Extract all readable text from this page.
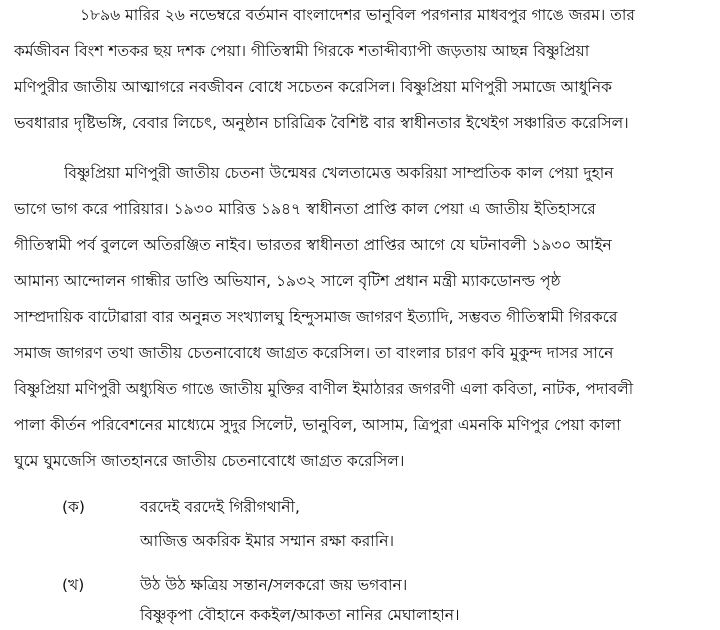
১৮৯৬ মারির ২৬ নভেম্বরে বর্তমান বাংলাদেশর ভানুবিল পরগনার মাধবপুর গাঙে জরম। তার
কর্মজীবন বিংশ শতকর ছয় দশক পেয়া। গীতিস্বামী গিরকে শতাব্দীব্যাপী জড়তায় আছন্ন বিষ্ণুপ্রিয়া
মণিপুরীর জাতীয় আত্মাগরে নবজীবন বোধে সচেতন করেসিল। বিষ্ণুপ্রিয়া মণিপুরী সমাজে আধুনিক
ভবধারার দৃষ্টিভঙ্গি, বেবার লিচেৎ, অনুষ্ঠান চারিত্রিক বৈশিষ্ট বার স্বাধীনতার ইথেইগ সঞ্চারিত করেসিল।
বিষ্ণুপ্রিয়া মণিপুরী জাতীয় চেতনা উন্মেষর খেলতামেত্ত অকরিয়া সাম্প্রতিক কাল পেয়া দুহান
ভাগে ভাগ করে পারিয়ার। ১৯৩০ মারিত্ত ১৯৪৭ স্বাধীনতা প্রাপ্তি কাল পেয়া এ জাতীয় ইতিহাসরে
গীতিস্বামী পর্ব বুললে অতিরঞ্জিত নাইব। ভারতর স্বাধীনতা প্রাপ্তির আগে যে ঘটনাবলী ১৯৩০ আইন
আমান্য আন্দোলন গান্ধীর ডাণ্ডি অভিযান, ১৯৩২ সালে বৃটিশ প্রধান মন্ত্রী ম্যাকডোনল্ড পৃষ্ঠ
সাম্প্রদায়িক বাটোৱারা বার অনুন্নত সংখ্যালঘু হিন্দুসমাজ জাগরণ ইত্যাদি, সম্ভবত গীতিস্বামী গিরকরে
সমাজ জাগরণ তথা জাতীয় চেতনাবোধে জাগ্রত করেসিল। তা বাংলার চারণ কবি মুকুন্দ দাসর সানে
বিষ্ণুপ্রিয়া মণিপুরী অধ্যুষিত গাঙে জাতীয় মুক্তির বাণীল ইমাঠারর জগরণী এলা কবিতা, নাটক, পদাবলী
পালা কীর্তন পরিবেশনের মাধ্যেমে সুদুর সিলেট, ভানুবিল, আসাম, ত্রিপুরা এমনকি মণিপুর পেয়া কালা
ঘুমে ঘুমজেসি জাতহানরে জাতীয় চেতনাবোধে জাগ্রত করেসিল।
(ক)	বরদেই বরদেই গিরীগথানী,
আজিত্ত অকরিক ইমার সম্মান রক্ষা করানি।
(খ)	উঠ উঠ ক্ষত্রিয় সন্তান/সলকরো জয় ভগবান।
বিষ্ণুকৃপা বৌহানে ককইল/আকতা নানির মেঘালাহান।
